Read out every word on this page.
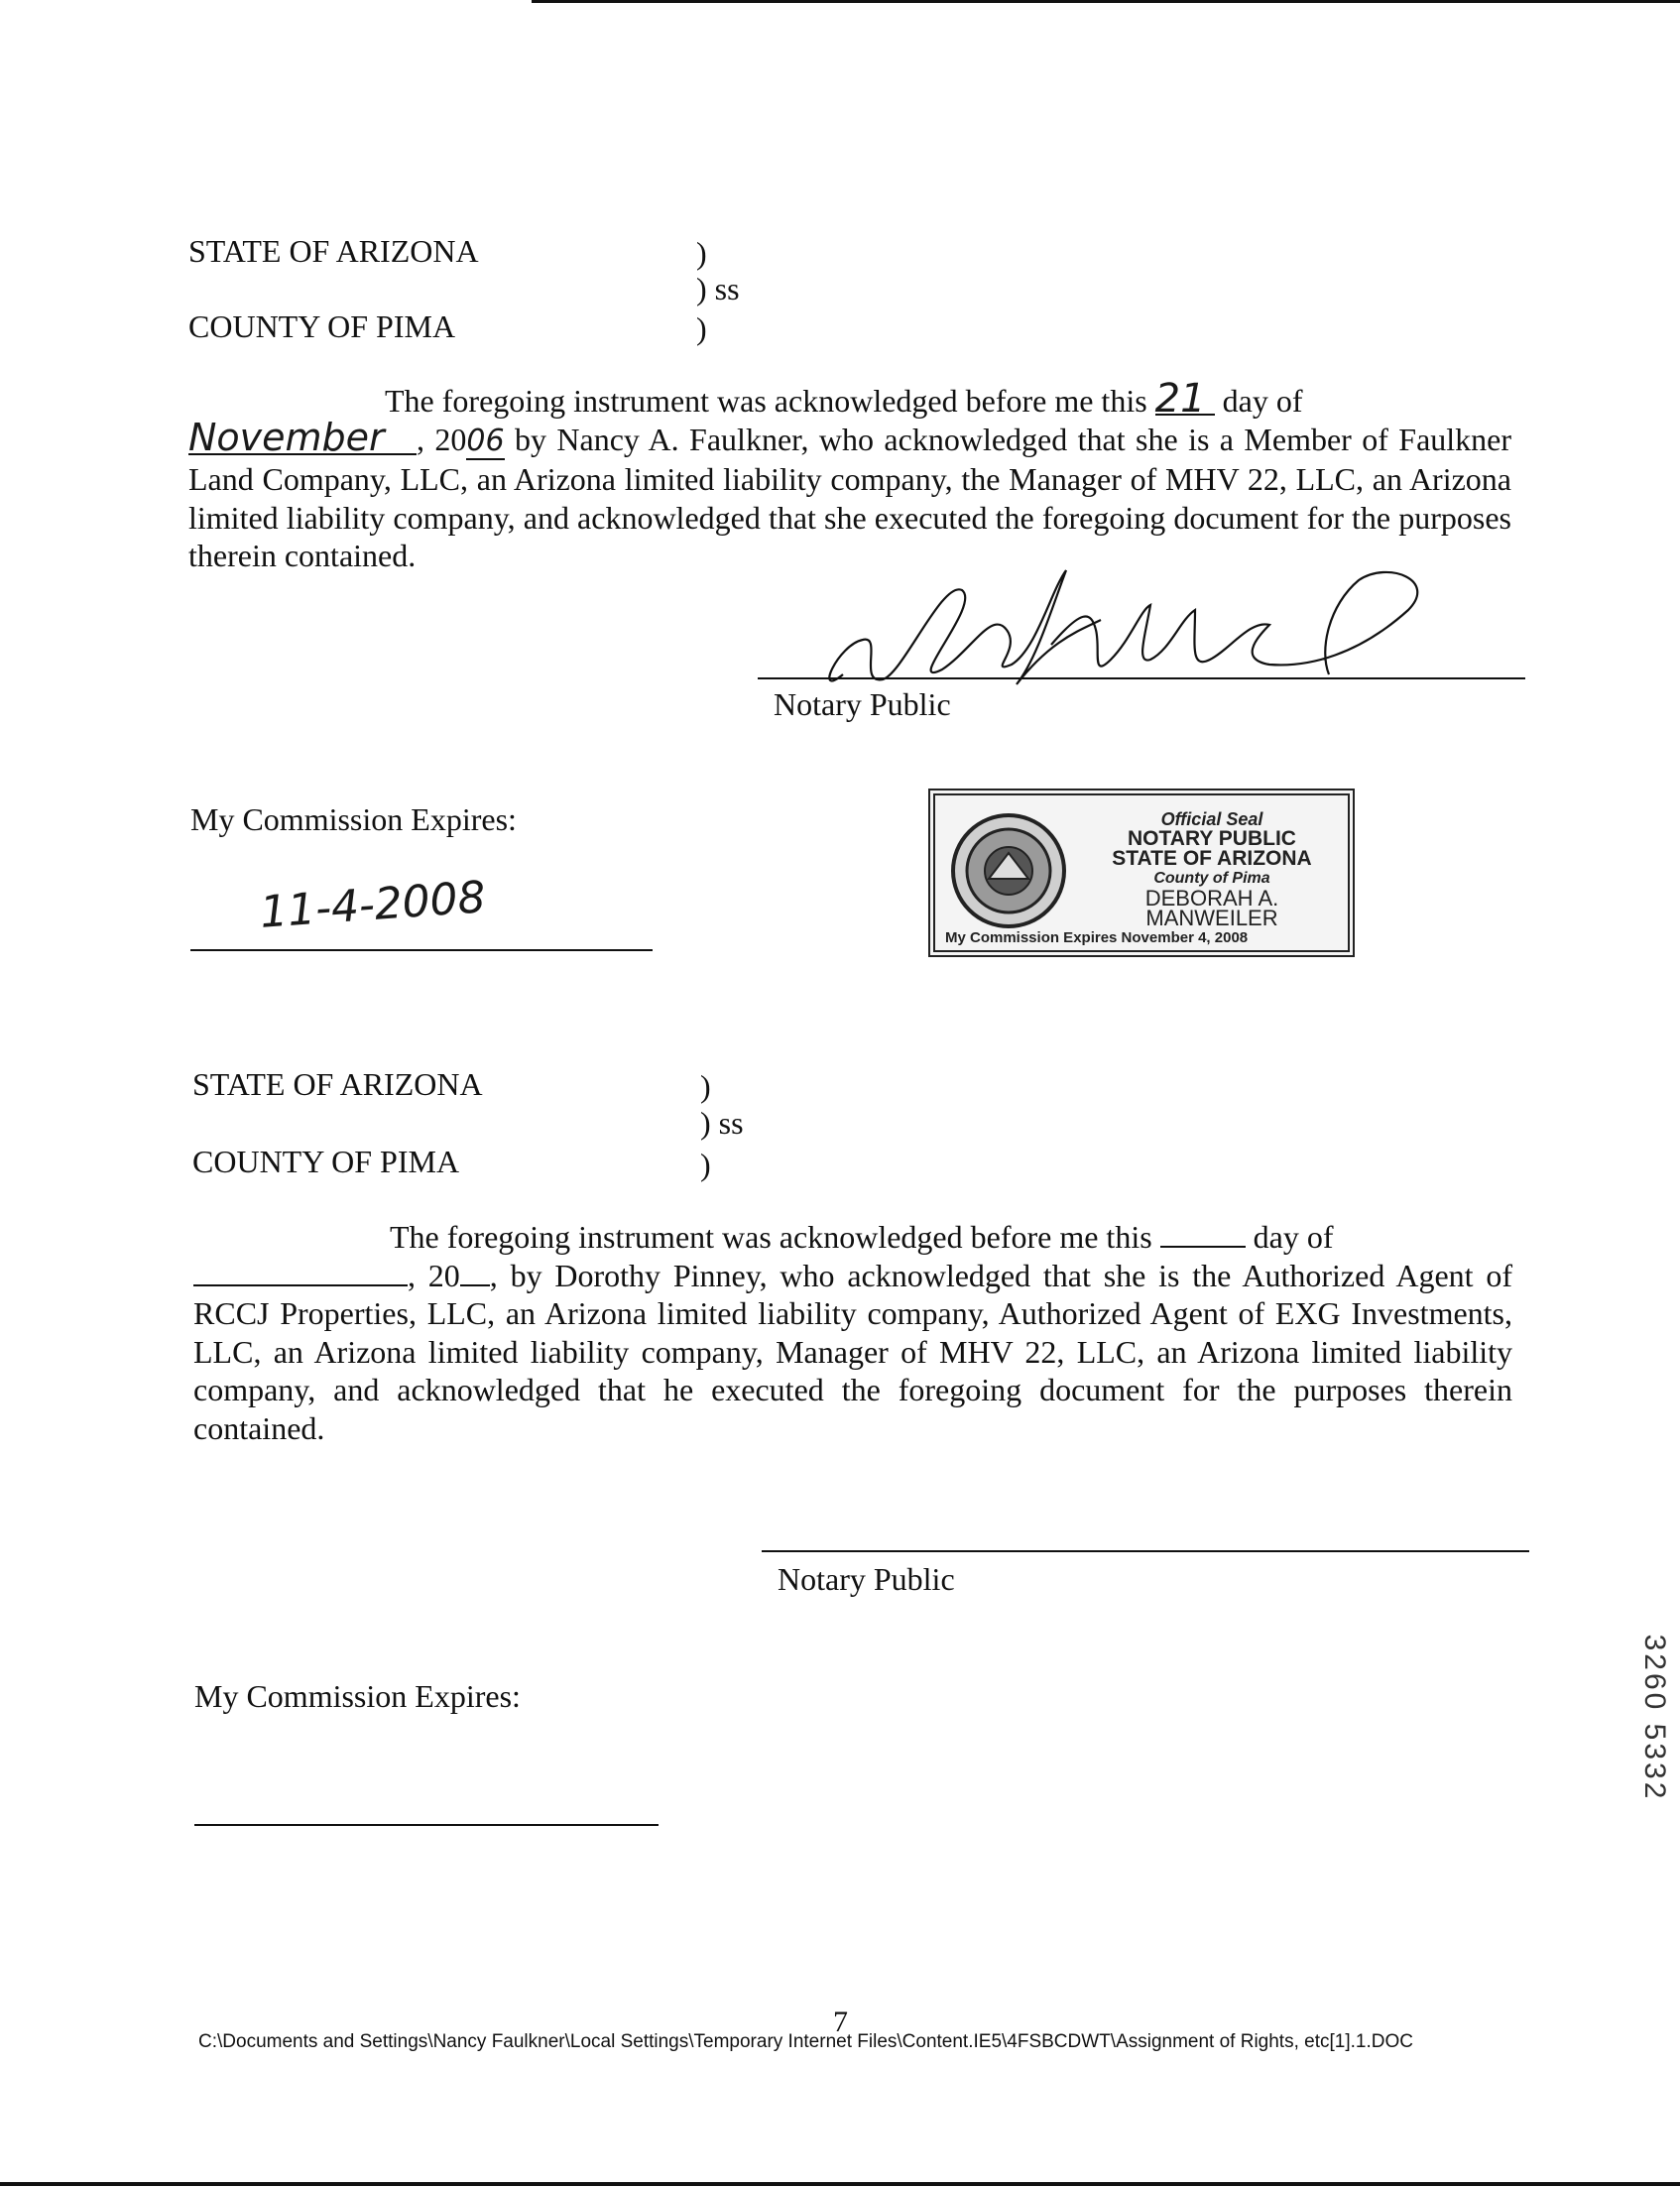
STATE OF ARIZONA	)
) ss
COUNTY OF PIMA	)
The foregoing instrument was acknowledged before me this 21 day of
November , 2006 by Nancy A. Faulkner, who acknowledged that she is a Member of Faulkner Land Company, LLC, an Arizona limited liability company, the Manager of MHV 22, LLC, an Arizona limited liability company, and acknowledged that she executed the foregoing document for the purposes therein contained.
Notary Public
My Commission Expires:
11-4-2008
Official Seal
NOTARY PUBLIC
STATE OF ARIZONA
County of Pima
DEBORAH A. MANWEILER
My Commission Expires November 4, 2008
STATE OF ARIZONA	)
) ss
COUNTY OF PIMA	)
The foregoing instrument was acknowledged before me this	day of
, 20 , by Dorothy Pinney, who acknowledged that she is the Authorized Agent of RCCJ Properties, LLC, an Arizona limited liability company, Authorized Agent of EXG Investments, LLC, an Arizona limited liability company, Manager of MHV 22, LLC, an Arizona limited liability company, and acknowledged that he executed the foregoing document for the purposes therein contained.
Notary Public
My Commission Expires:	3260 5332
7
C:\Documents and Settings\Nancy Faulkner\Local Settings\Temporary Internet Files\Content.IE5\4FSBCDWT\Assignment of Rights, etc[1].1.DOC
